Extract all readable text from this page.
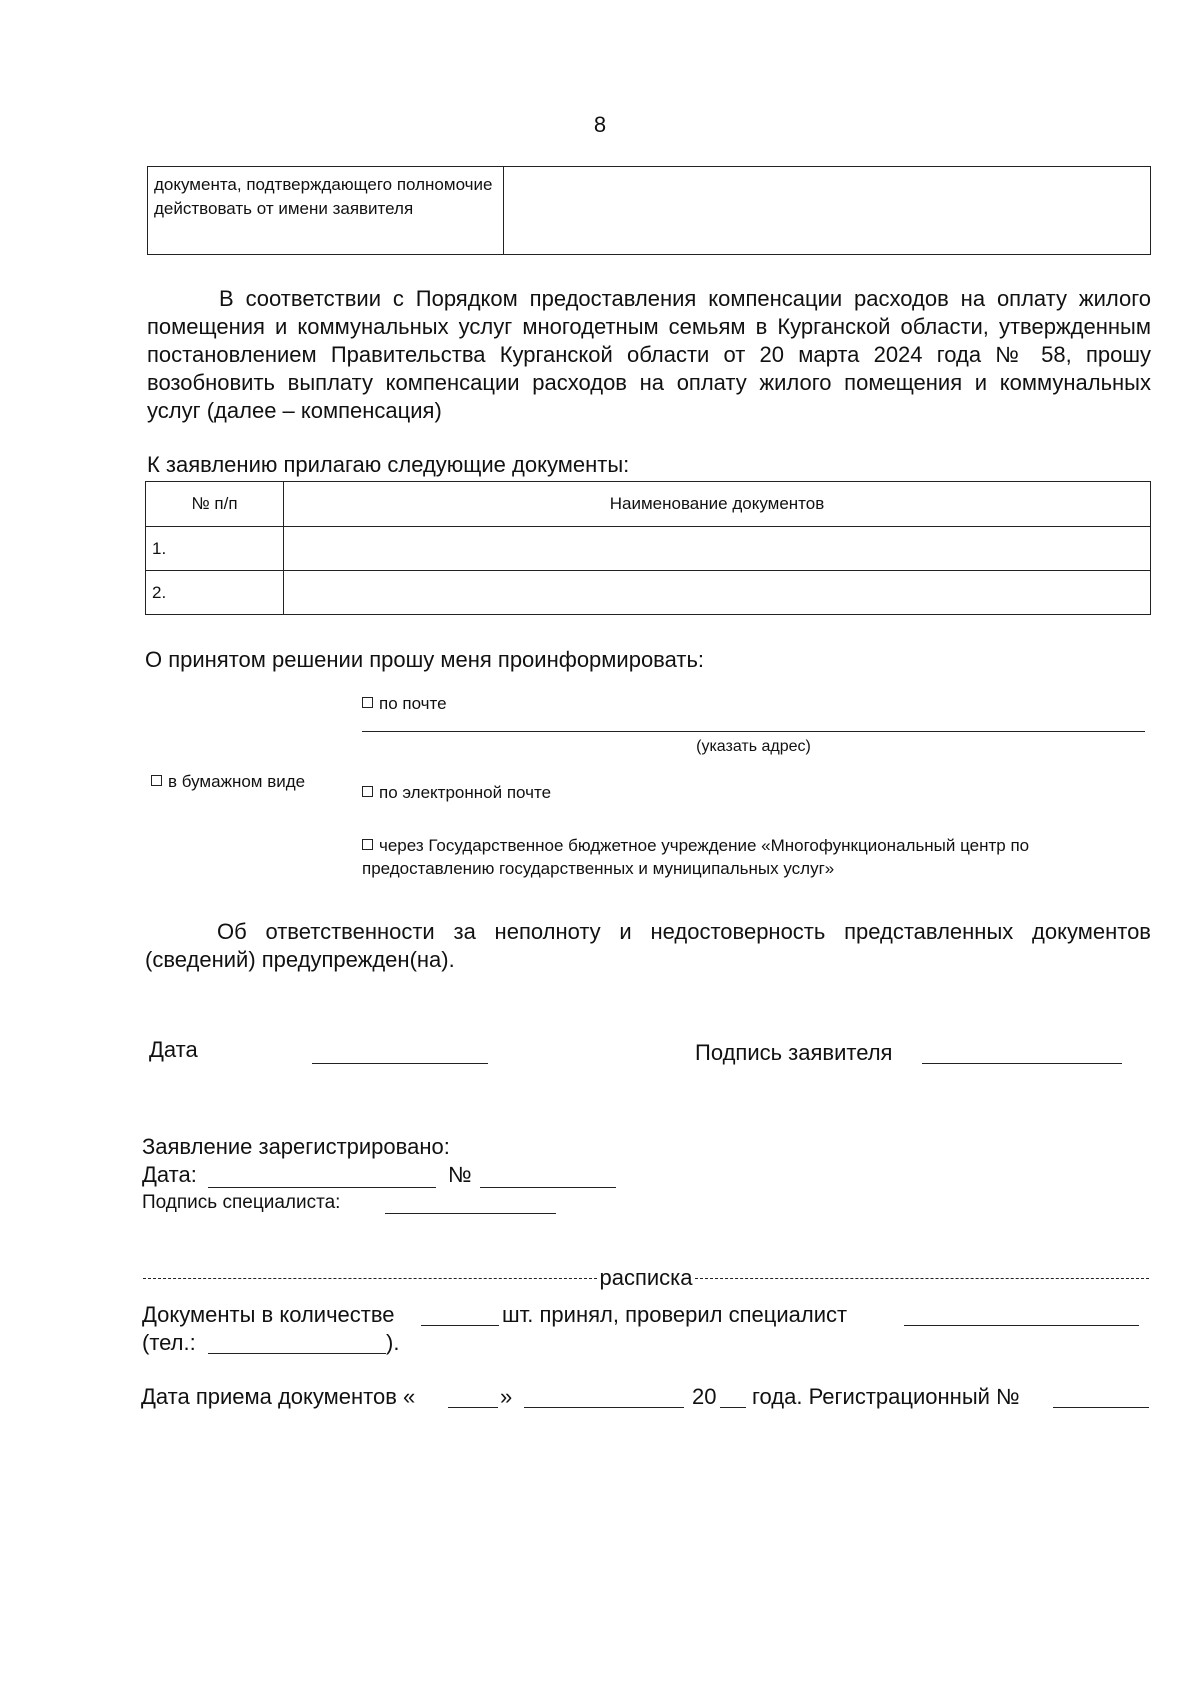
8
документа, подтверждающего полномочие действовать от имени заявителя	
В соответствии с Порядком предоставления компенсации расходов на оплату жилого помещения и коммунальных услуг многодетным семьям в Курганской области, утвержденным постановлением Правительства Курганской области от 20 марта 2024 года № 58, прошу возобновить выплату компенсации расходов на оплату жилого помещения и коммунальных услуг (далее – компенсация)
К заявлению прилагаю следующие документы:
№ п/п	Наименование документов
1.	
2.	
О принятом решении прошу меня проинформировать:
по почте
(указать адрес)
в бумажном виде
по электронной почте
через Государственное бюджетное учреждение «Многофункциональный центр по предоставлению государственных и муниципальных услуг»
Об ответственности за неполноту и недостоверность представленных документов (сведений) предупрежден(на).
Дата	Подпись заявителя
Заявление зарегистрировано:
Дата:	№
Подпись специалиста:
расписка
Документы в количестве	шт. принял, проверил специалист
(тел.:	).
Дата приема документов «	»	20 года. Регистрационный №
